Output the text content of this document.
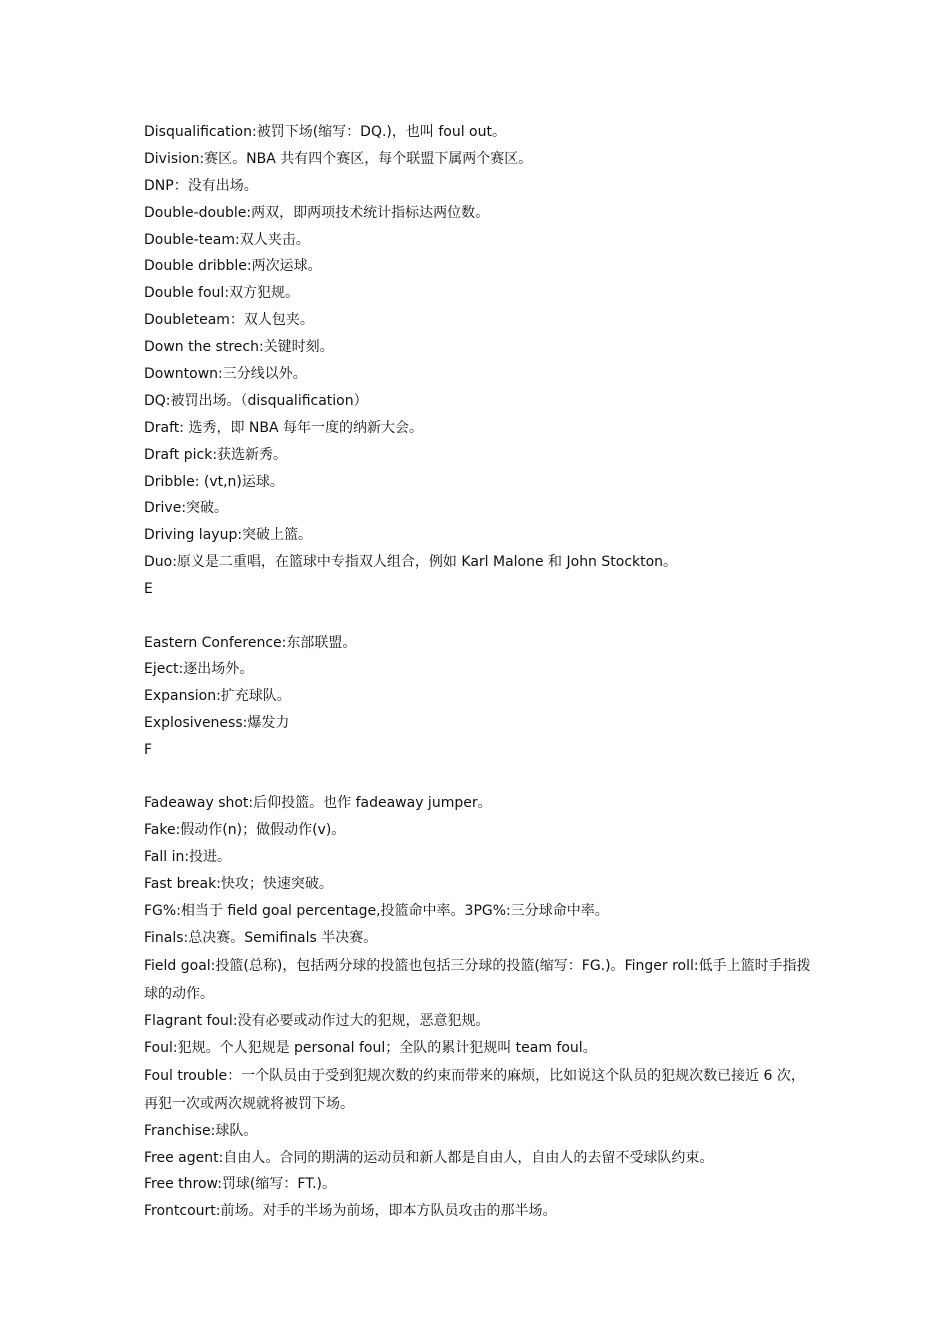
Disqualification:被罚下场(缩写：DQ.)，也叫 foul out。
Division:赛区。NBA 共有四个赛区，每个联盟下属两个赛区。
DNP：没有出场。
Double-double:两双，即两项技术统计指标达两位数。
Double-team:双人夹击。
Double dribble:两次运球。
Double foul:双方犯规。
Doubleteam：双人包夹。
Down the strech:关键时刻。
Downtown:三分线以外。
DQ:被罚出场。（disqualification）
Draft: 选秀，即 NBA 每年一度的纳新大会。
Draft pick:获选新秀。
Dribble: (vt,n)运球。
Drive:突破。
Driving layup:突破上篮。
Duo:原义是二重唱，在篮球中专指双人组合，例如 Karl Malone 和 John Stockton。
E
Eastern Conference:东部联盟。
Eject:逐出场外。
Expansion:扩充球队。
Explosiveness:爆发力
F
Fadeaway shot:后仰投篮。也作 fadeaway jumper。
Fake:假动作(n)；做假动作(v)。
Fall in:投进。
Fast break:快攻；快速突破。
FG%:相当于 field goal percentage,投篮命中率。3PG%:三分球命中率。
Finals:总决赛。Semifinals 半决赛。
Field goal:投篮(总称)，包括两分球的投篮也包括三分球的投篮(缩写：FG.)。Finger roll:低手上篮时手指拨球的动作。
Flagrant foul:没有必要或动作过大的犯规，恶意犯规。
Foul:犯规。个人犯规是 personal foul；全队的累计犯规叫 team foul。
Foul trouble：一个队员由于受到犯规次数的约束而带来的麻烦，比如说这个队员的犯规次数已接近 6 次，再犯一次或两次规就将被罚下场。
Franchise:球队。
Free agent:自由人。合同的期满的运动员和新人都是自由人，自由人的去留不受球队约束。
Free throw:罚球(缩写：FT.)。
Frontcourt:前场。对手的半场为前场，即本方队员攻击的那半场。
